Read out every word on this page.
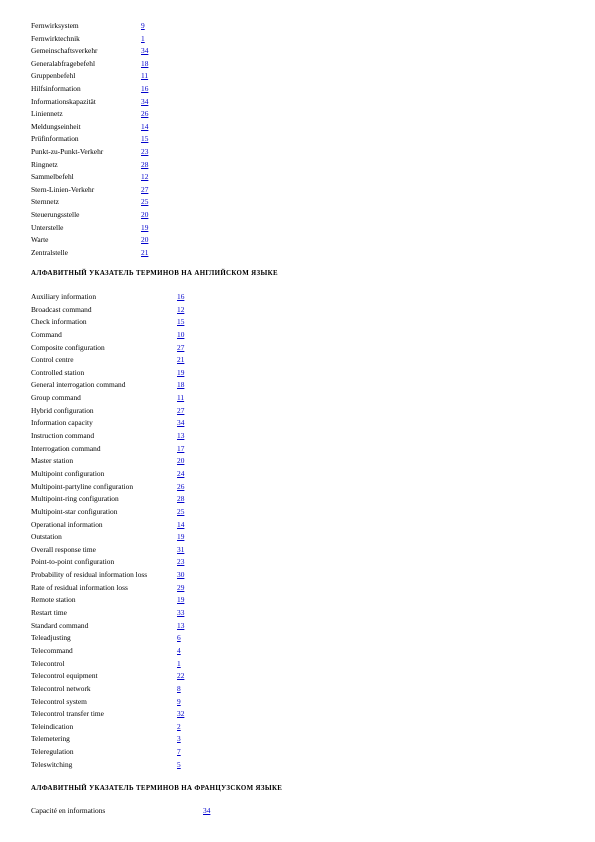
Fernwirksystem	9
Fernwirktechnik	1
Gemeinschaftsverkehr	34
Generalabfragebefehl	18
Gruppenbefehl	11
Hilfsinformation	16
Informationskapazität	34
Liniennetz	26
Meldungseinheit	14
Prüfinformation	15
Punkt-zu-Punkt-Verkehr	23
Ringnetz	28
Sammelbefehl	12
Stern-Linien-Verkehr	27
Sternnetz	25
Steuerungsstelle	20
Unterstelle	19
Warte	20
Zentralstelle	21
АЛФАВИТНЫЙ УКАЗАТЕЛЬ ТЕРМИНОВ НА АНГЛИЙСКОМ ЯЗЫКЕ
Auxiliary information	16
Broadcast command	12
Check information	15
Command	10
Composite configuration	27
Control centre	21
Controlled station	19
General interrogation command	18
Group command	11
Hybrid configuration	27
Information capacity	34
Instruction command	13
Interrogation command	17
Master station	20
Multipoint configuration	24
Multipoint-partyline configuration	26
Multipoint-ring configuration	28
Multipoint-star configuration	25
Operational information	14
Outstation	19
Overall response time	31
Point-to-point configuration	23
Probability of residual information loss	30
Rate of residual information loss	29
Remote station	19
Restart time	33
Standard command	13
Teleadjusting	6
Telecommand	4
Telecontrol	1
Telecontrol equipment	22
Telecontrol network	8
Telecontrol system	9
Telecontrol transfer time	32
Teleindication	2
Telemetering	3
Teleregulation	7
Teleswitching	5
АЛФАВИТНЫЙ УКАЗАТЕЛЬ ТЕРМИНОВ НА ФРАНЦУЗСКОМ ЯЗЫКЕ
Capacité en informations	34
